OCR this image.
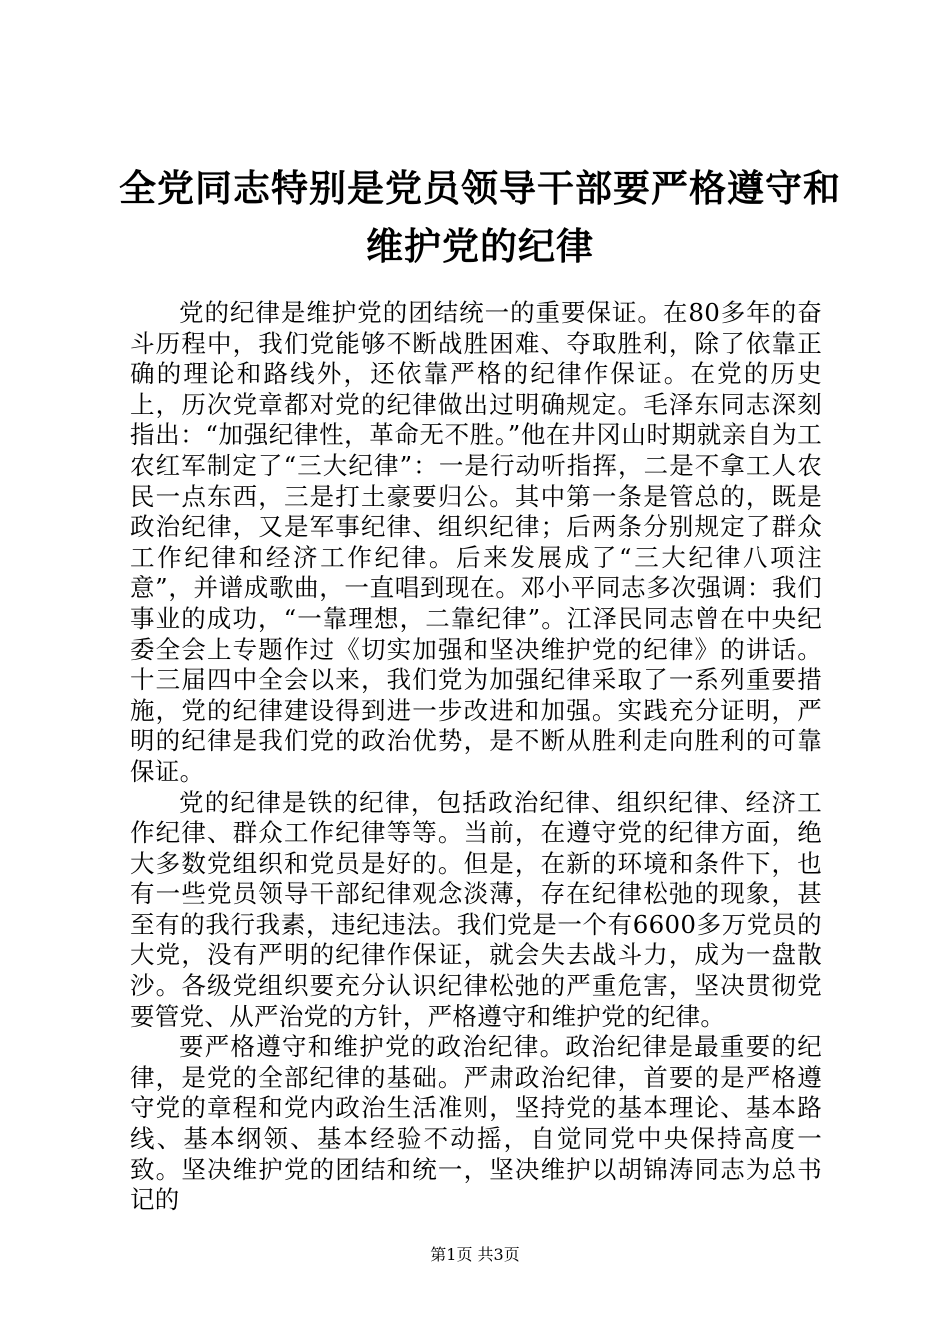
全党同志特别是党员领导干部要严格遵守和维护党的纪律

党的纪律是维护党的团结统一的重要保证。在80多年的奋斗历程中，我们党能够不断战胜困难、夺取胜利，除了依靠正确的理论和路线外，还依靠严格的纪律作保证。在党的历史上，历次党章都对党的纪律做出过明确规定。毛泽东同志深刻指出：“加强纪律性，革命无不胜。”他在井冈山时期就亲自为工农红军制定了“三大纪律”：一是行动听指挥，二是不拿工人农民一点东西，三是打土豪要归公。其中第一条是管总的，既是政治纪律，又是军事纪律、组织纪律；后两条分别规定了群众工作纪律和经济工作纪律。后来发展成了“三大纪律八项注意”，并谱成歌曲，一直唱到现在。邓小平同志多次强调：我们事业的成功，“一靠理想，二靠纪律”。江泽民同志曾在中央纪委全会上专题作过《切实加强和坚决维护党的纪律》的讲话。十三届四中全会以来，我们党为加强纪律采取了一系列重要措施，党的纪律建设得到进一步改进和加强。实践充分证明，严明的纪律是我们党的政治优势，是不断从胜利走向胜利的可靠保证。

党的纪律是铁的纪律，包括政治纪律、组织纪律、经济工作纪律、群众工作纪律等等。当前，在遵守党的纪律方面，绝大多数党组织和党员是好的。但是，在新的环境和条件下，也有一些党员领导干部纪律观念淡薄，存在纪律松弛的现象，甚至有的我行我素，违纪违法。我们党是一个有6600多万党员的大党，没有严明的纪律作保证，就会失去战斗力，成为一盘散沙。各级党组织要充分认识纪律松弛的严重危害，坚决贯彻党要管党、从严治党的方针，严格遵守和维护党的纪律。

要严格遵守和维护党的政治纪律。政治纪律是最重要的纪律，是党的全部纪律的基础。严肃政治纪律，首要的是严格遵守党的章程和党内政治生活准则，坚持党的基本理论、基本路线、基本纲领、基本经验不动摇，自觉同党中央保持高度一致。坚决维护党的团结和统一，坚决维护以胡锦涛同志为总书记的

第1页 共3页
